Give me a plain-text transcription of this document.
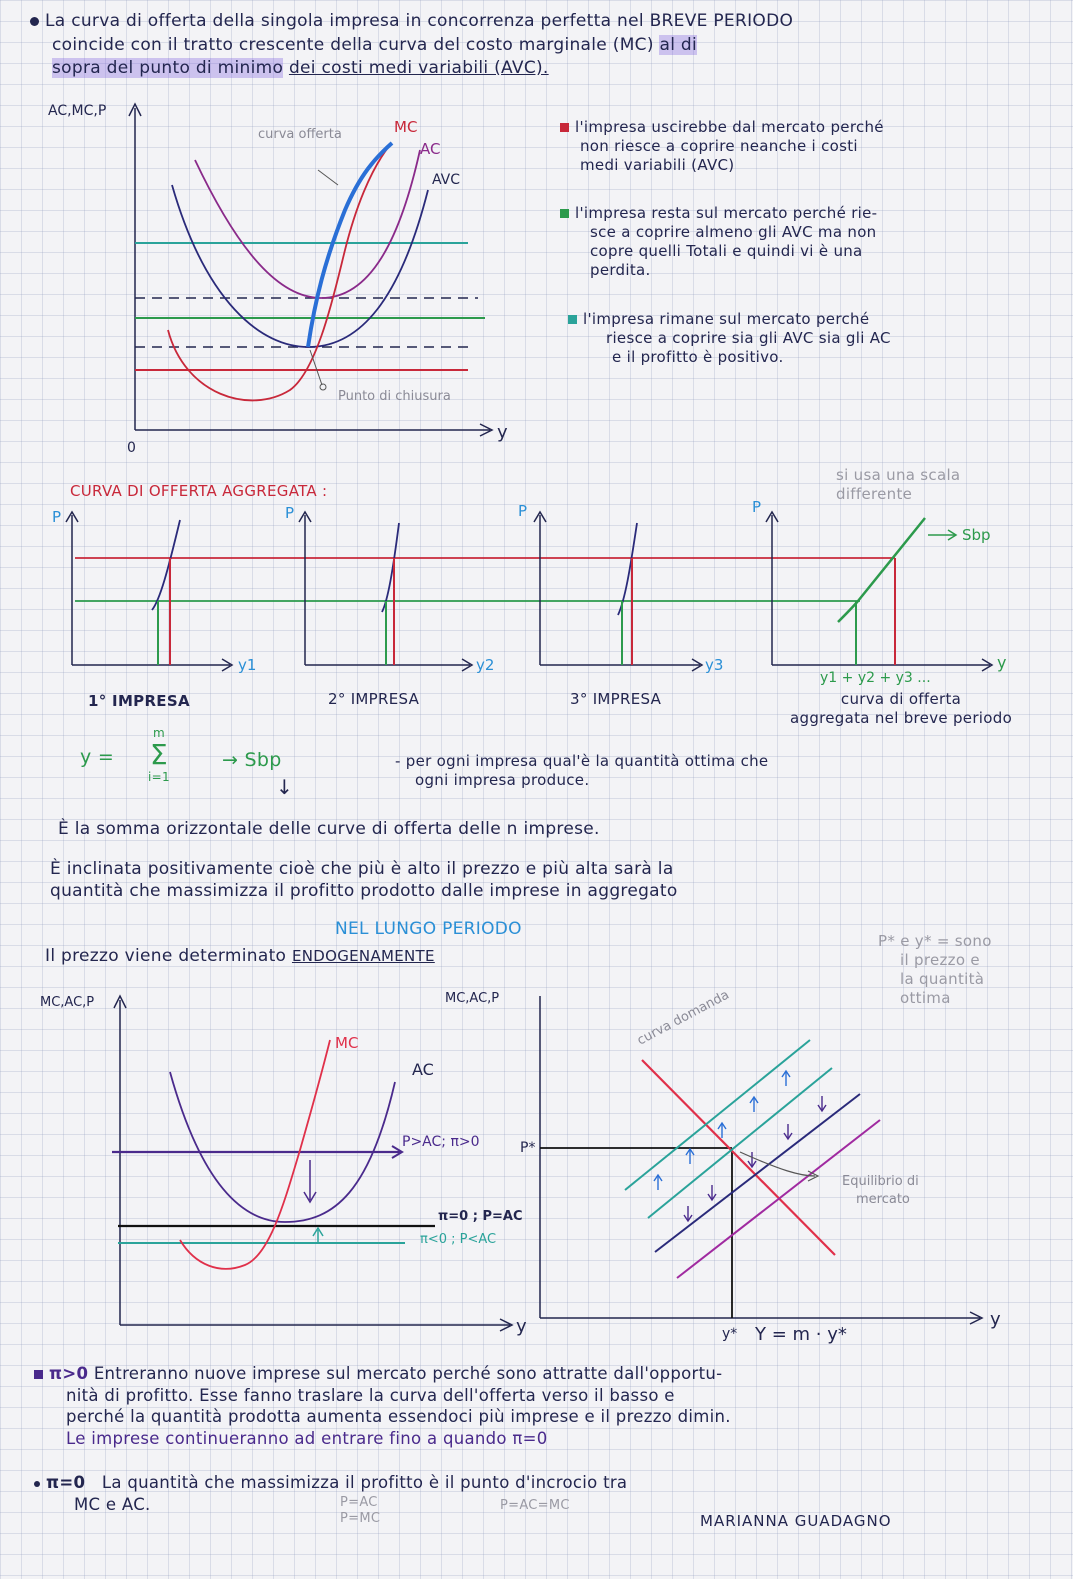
La curva di offerta della singola impresa in concorrenza perfetta nel BREVE PERIODO
coincide con il tratto crescente della curva del costo marginale (MC) al di
sopra del punto di minimo dei costi medi variabili (AVC).
AC,MC,P
0
y
MC
AC
AVC
curva offerta
Punto di chiusura
l'impresa uscirebbe dal mercato perché
non riesce a coprire neanche i costi
medi variabili (AVC)
l'impresa resta sul mercato perché rie-
sce a coprire almeno gli AVC ma non
copre quelli Totali e quindi vi è una
perdita.
l'impresa rimane sul mercato perché
riesce a coprire sia gli AVC sia gli AC
e il profitto è positivo.
CURVA DI OFFERTA AGGREGATA :
si usa una scala
differente
P	P	P	P
y1	y2	y3
y1 + y2 + y3 ...
y
Sbp
1° IMPRESA	2° IMPRESA	3° IMPRESA	curva di offerta
aggregata nel breve periodo
y =
m
Σ
i=1
→ Sbp
↓
- per ogni impresa qual'è la quantità ottima che
ogni impresa produce.
È la somma orizzontale delle curve di offerta delle n imprese.
È inclinata positivamente cioè che più è alto il prezzo e più alta sarà la
quantità che massimizza il profitto prodotto dalle imprese in aggregato
NEL LUNGO PERIODO
Il prezzo viene determinato ENDOGENAMENTE
P* e y* = sono
il prezzo e
la quantità
ottima
MC,AC,P
MC
AC
P>AC; π>0
π=0 ; P=AC
π<0 ; P<AC
y
MC,AC,P	curva domanda
P*
Equilibrio di
mercato
y* Y = m · y*
y
π>0 Entreranno nuove imprese sul mercato perché sono attratte dall'opportu-
nità di profitto. Esse fanno traslare la curva dell'offerta verso il basso e
perché la quantità prodotta aumenta essendoci più imprese e il prezzo dimin.
Le imprese continueranno ad entrare fino a quando π=0
π=0 La quantità che massimizza il profitto è il punto d'incrocio tra
MC e AC.	P=AC
P=MC
P=AC=MC
MARIANNA GUADAGNO
